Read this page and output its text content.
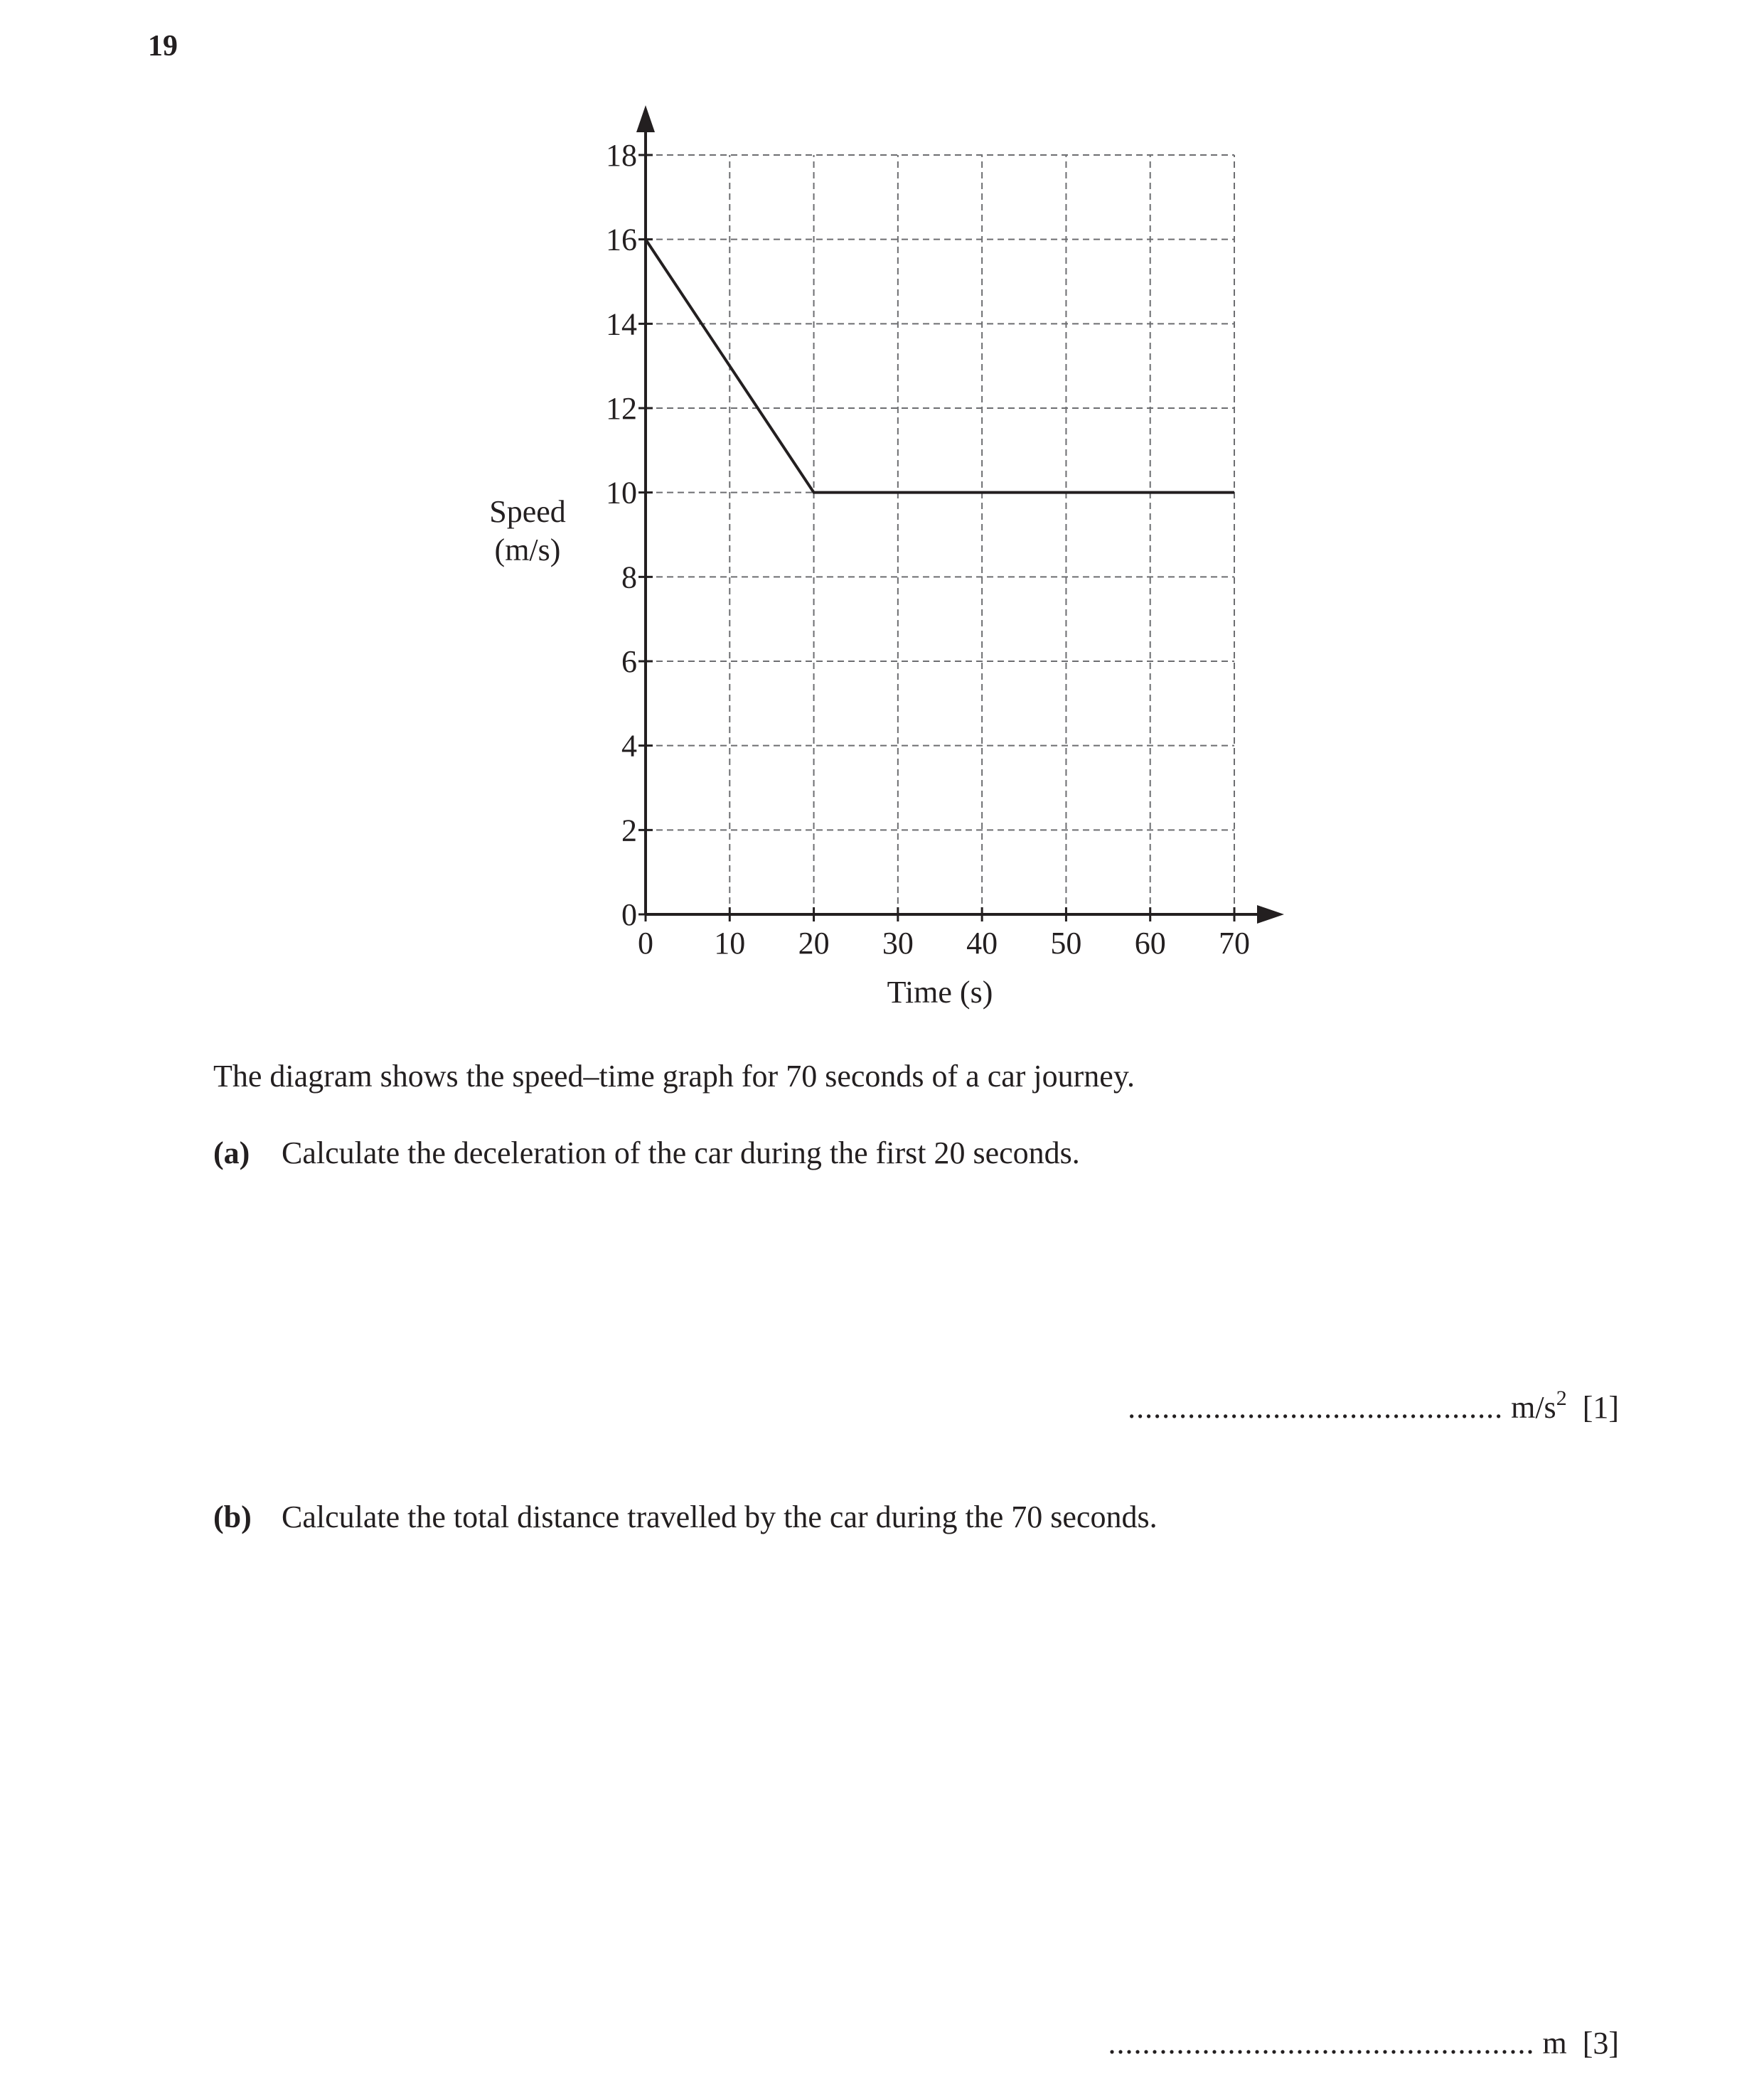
19
0 10 20 30 40 50 60 70
0
2
4
6
8
10
12
14
16
18
Time (s)
Speed
(m/s)
The diagram shows the speed–time graph for 70 seconds of a car journey.
(a) Calculate the deceleration of the car during the first 20 seconds.
............................................ $m/s^2$ [1]
(b) Calculate the total distance travelled by the car during the 70 seconds.
.................................................. m [3]
